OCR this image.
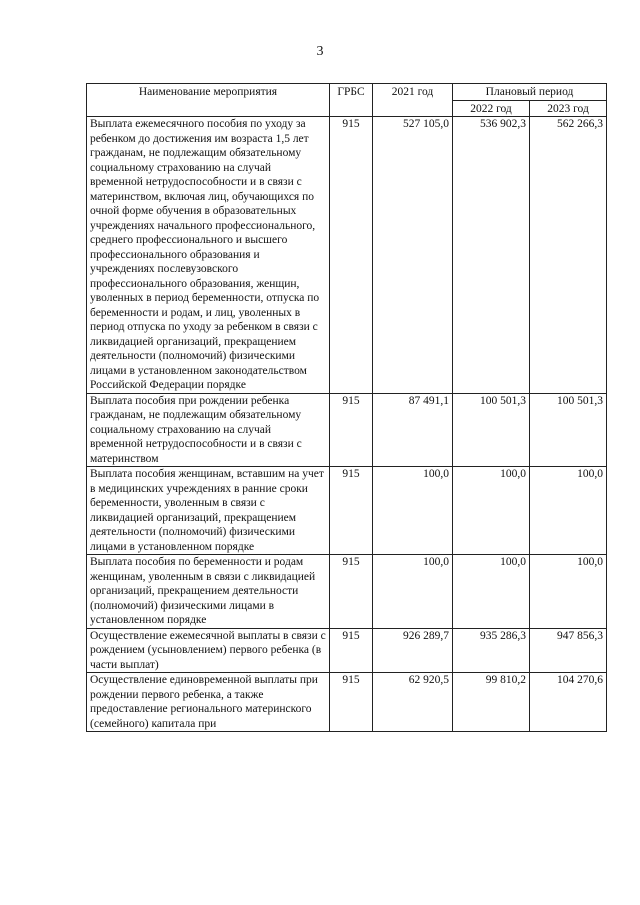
3
Наименование мероприятия	ГРБС	2021 год	Плановый период	
			2022 год	2023 год
Выплата ежемесячного пособия по уходу за ребенком до достижения им возраста 1,5 лет гражданам, не подлежащим обязательному социальному страхованию на случай временной нетрудоспособности и в связи с материнством, включая лиц, обучающихся по очной форме обучения в образовательных учреждениях начального профессионального, среднего профессионального и высшего профессионального образования и учреждениях послевузовского профессионального образования, женщин, уволенных в период беременности, отпуска по беременности и родам, и лиц, уволенных в период отпуска по уходу за ребенком в связи с ликвидацией организаций, прекращением деятельности (полномочий) физическими лицами в установленном законодательством Российской Федерации порядке	915	527 105,0	536 902,3	562 266,3
Выплата пособия при рождении ребенка гражданам, не подлежащим обязательному социальному страхованию на случай временной нетрудоспособности и в связи с материнством	915	87 491,1	100 501,3	100 501,3
Выплата пособия женщинам, вставшим на учет в медицинских учреждениях в ранние сроки беременности, уволенным в связи с ликвидацией организаций, прекращением деятельности (полномочий) физическими лицами в установленном порядке	915	100,0	100,0	100,0
Выплата пособия по беременности и родам женщинам, уволенным в связи с ликвидацией организаций, прекращением деятельности (полномочий) физическими лицами в установленном порядке	915	100,0	100,0	100,0
Осуществление ежемесячной выплаты в связи с рождением (усыновлением) первого ребенка (в части выплат)	915	926 289,7	935 286,3	947 856,3
Осуществление единовременной выплаты при рождении первого ребенка, а также предоставление регионального материнского (семейного) капитала при	915	62 920,5	99 810,2	104 270,6
